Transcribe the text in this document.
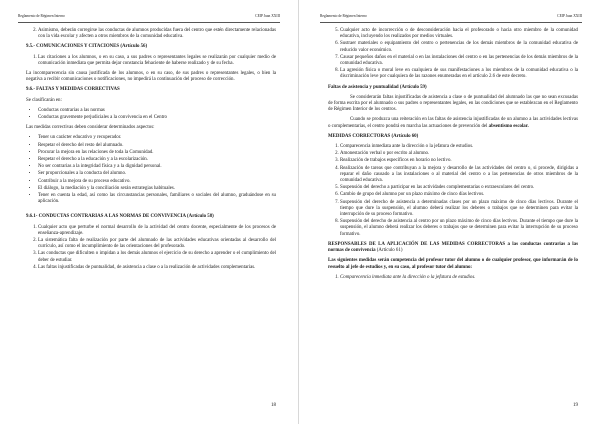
Reglamento de Régimen Interno	CEIP Juan XXIII
2. Asimismo, deberán corregirse las conductas de alumnos producidas fuera del centro que estén directamente relacionadas con la vida escolar y afecten a otros miembros de la comunidad educativa.
9.5.- COMUNICACIONES Y CITACIONES (Artículo 56)
1. Las citaciones a los alumnos, o en su caso, a sus padres o representantes legales se realizarán por cualquier medio de comunicación inmediata que permita dejar constancia fehaciente de haberse realizado y de su fecha.

La incomparecencia sin causa justificada de los alumnos, o en su caso, de sus padres o representantes legales, o bien la negativa a recibir comunicaciones o notificaciones, no impedirá la continuación del proceso de corrección.

9.6.- FALTAS Y MEDIDAS CORRECTIVAS

Se clasificarán en:

• Conductas contrarias a las normas
• Conductas gravemente perjudiciales a la convivencia en el Centro

Las medidas correctivas deben considerar determinados aspectos:

• Tener un carácter educativo y recuperador.
• Respetar el derecho del resto del alumnado.
• Procurar la mejora en las relaciones de toda la Comunidad.
• Respetar el derecho a la educación y a la escolarización.
• No ser contrarias a la integridad física y a la dignidad personal.
• Ser proporcionales a la conducta del alumno.
• Contribuir a la mejora de su proceso educativo.
• El diálogo, la mediación y la conciliación serán estrategias habituales.
• Tener en cuenta la edad, así como las circunstancias personales, familiares o sociales del alumno, graduándose en su aplicación.
9.6.1- CONDUCTAS CONTRARIAS A LAS NORMAS DE CONVIVENCIA (Artículo 58)
1. Cualquier acto que perturbe el normal desarrollo de la actividad del centro docente, especialmente de los procesos de enseñanza-aprendizaje.
2. La sistemática falta de realización por parte del alumnado de las actividades educativas orientadas al desarrollo del currículo, así como el incumplimiento de las orientaciones del profesorado.
3. Las conductas que dificulten o impidan a los demás alumnos el ejercicio de su derecho a aprender o el cumplimiento del deber de estudiar.
4. Las faltas injustificadas de puntualidad, de asistencia a clase o a la realización de actividades complementarias.
18
Reglamento de Régimen Interno	CEIP Juan XXIII
5. Cualquier acto de incorrección o de desconsideración hacia el profesorado o hacia otro miembro de la comunidad educativa, incluyendo los realizados por medios virtuales.
6. Sustraer materiales o equipamiento del centro o pertenencias de los demás miembros de la comunidad educativa de reducido valor económico.
7. Causar pequeños daños en el material o en las instalaciones del centro o en las pertenencias de los demás miembros de la comunidad educativa.
8. La agresión física o moral leve en cualquiera de sus manifestaciones a los miembros de la comunidad educativa o la discriminación leve por cualquiera de las razones enumeradas en el artículo 2.6 de este decreto.
Faltas de asistencia y puntualidad (Artículo 59)

Se considerarán faltas injustificadas de asistencia a clase o de puntualidad del alumnado las que no sean excusadas de forma escrita por el alumnado o sus padres o representantes legales, en las condiciones que se establezcan en el Reglamento de Régimen Interior de los centros.

Cuando se produzca una reiteración en las faltas de asistencia injustificadas de un alumno a las actividades lectivas o complementarias, el centro pondrá en marcha las actuaciones de prevención del absentismo escolar.

MEDIDAS CORRECTORAS (Artículo 60)
1. Comparecencia inmediata ante la dirección o la jefatura de estudios.
2. Amonestación verbal o por escrito al alumno.
3. Realización de trabajos específicos en horario no lectivo.
4. Realización de tareas que contribuyan a la mejora y desarrollo de las actividades del centro o, si procede, dirigidas a reparar el daño causado a las instalaciones o al material del centro o a las pertenencias de otros miembros de la comunidad educativa.
5. Suspensión del derecho a participar en las actividades complementarias o extraescolares del centro.
6. Cambio de grupo del alumno por un plazo máximo de cinco días lectivos.
7. Suspensión del derecho de asistencia a determinadas clases por un plazo máximo de cinco días lectivos. Durante el tiempo que dure la suspensión, el alumno deberá realizar los deberes o trabajos que se determinen para evitar la interrupción de su proceso formativo.
8. Suspensión del derecho de asistencia al centro por un plazo máximo de cinco días lectivos. Durante el tiempo que dure la suspensión, el alumno deberá realizar los deberes o trabajos que se determinen para evitar la interrupción de su proceso formativo.

RESPONSABLES DE LA APLICACIÓN DE LAS MEDIDAS CORRECTORAS a las conductas contrarias a las normas de convivencia (Artículo 61)

Las siguientes medidas serán competencia del profesor tutor del alumno o de cualquier profesor, que informarán de lo resuelto al jefe de estudios y, en su caso, al profesor tutor del alumno:

1. Comparecencia inmediata ante la dirección o la jefatura de estudios.
19
